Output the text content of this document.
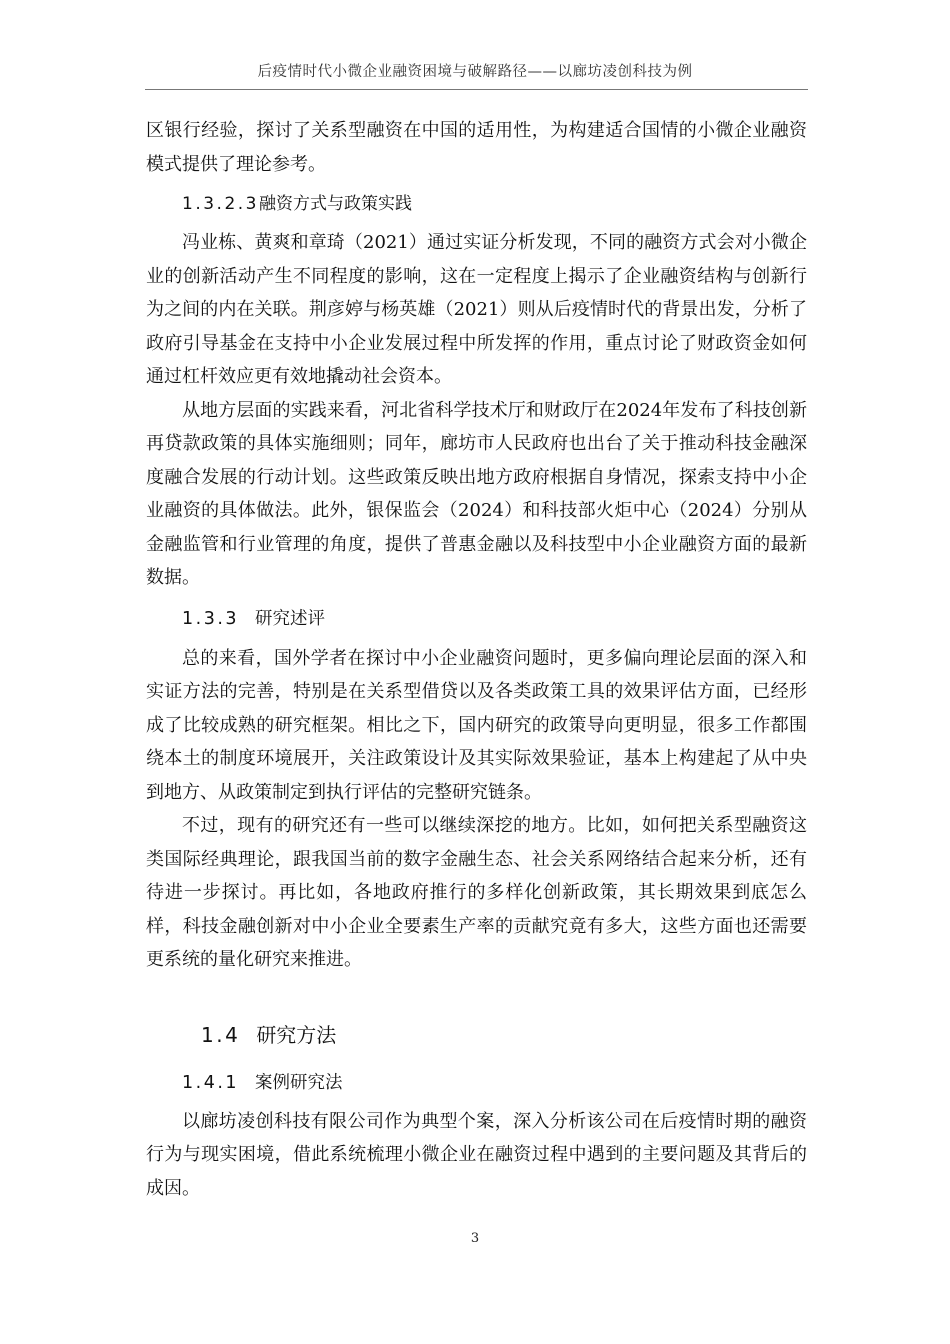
后疫情时代小微企业融资困境与破解路径——以廊坊凌创科技为例

区银行经验，探讨了关系型融资在中国的适用性，为构建适合国情的小微企业融资模式提供了理论参考。

1.3.2.3融资方式与政策实践

冯业栋、黄爽和章琦（2021）通过实证分析发现，不同的融资方式会对小微企业的创新活动产生不同程度的影响，这在一定程度上揭示了企业融资结构与创新行为之间的内在关联。荆彦婷与杨英雄（2021）则从后疫情时代的背景出发，分析了政府引导基金在支持中小企业发展过程中所发挥的作用，重点讨论了财政资金如何通过杠杆效应更有效地撬动社会资本。

从地方层面的实践来看，河北省科学技术厅和财政厅在2024年发布了科技创新再贷款政策的具体实施细则；同年，廊坊市人民政府也出台了关于推动科技金融深度融合发展的行动计划。这些政策反映出地方政府根据自身情况，探索支持中小企业融资的具体做法。此外，银保监会（2024）和科技部火炬中心（2024）分别从金融监管和行业管理的角度，提供了普惠金融以及科技型中小企业融资方面的最新数据。

1.3.3 研究述评

总的来看，国外学者在探讨中小企业融资问题时，更多偏向理论层面的深入和实证方法的完善，特别是在关系型借贷以及各类政策工具的效果评估方面，已经形成了比较成熟的研究框架。相比之下，国内研究的政策导向更明显，很多工作都围绕本土的制度环境展开，关注政策设计及其实际效果验证，基本上构建起了从中央到地方、从政策制定到执行评估的完整研究链条。

不过，现有的研究还有一些可以继续深挖的地方。比如，如何把关系型融资这类国际经典理论，跟我国当前的数字金融生态、社会关系网络结合起来分析，还有待进一步探讨。再比如，各地政府推行的多样化创新政策，其长期效果到底怎么样，科技金融创新对中小企业全要素生产率的贡献究竟有多大，这些方面也还需要更系统的量化研究来推进。

1.4 研究方法
1.4.1 案例研究法

以廊坊凌创科技有限公司作为典型个案，深入分析该公司在后疫情时期的融资行为与现实困境，借此系统梳理小微企业在融资过程中遇到的主要问题及其背后的成因。

3
